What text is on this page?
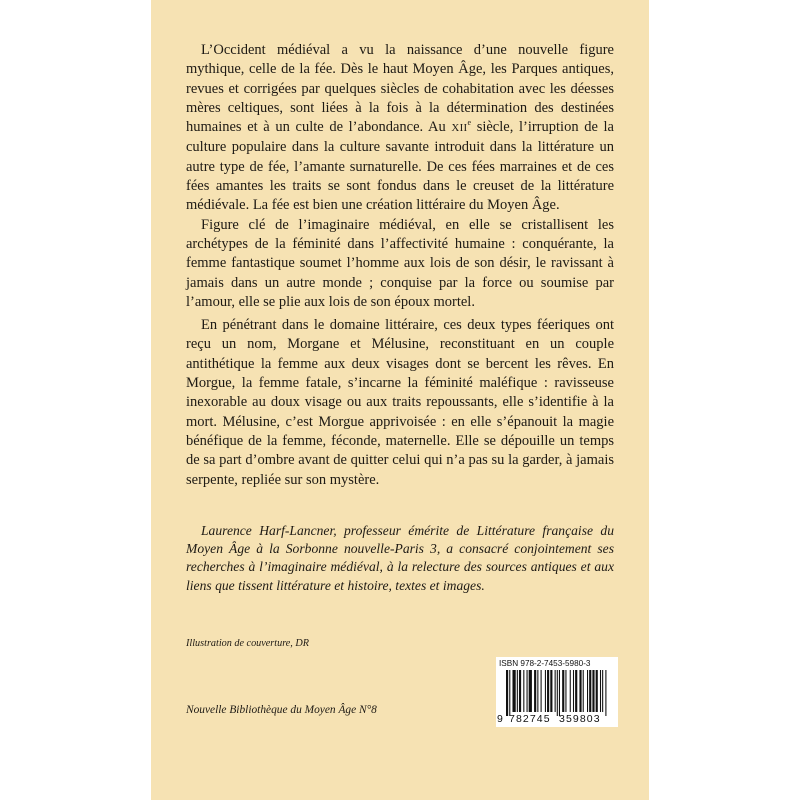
L’Occident médiéval a vu la naissance d’une nouvelle figure mythique, celle de la fée. Dès le haut Moyen Âge, les Parques antiques, revues et corrigées par quelques siècles de cohabitation avec les déesses mères celtiques, sont liées à la fois à la détermination des destinées humaines et à un culte de l’abondance. Au XIIe siècle, l’irruption de la culture populaire dans la culture savante introduit dans la littérature un autre type de fée, l’amante surnaturelle. De ces fées marraines et de ces fées amantes les traits se sont fondus dans le creuset de la littérature médiévale. La fée est bien une création littéraire du Moyen Âge.

Figure clé de l’imaginaire médiéval, en elle se cristallisent les archétypes de la féminité dans l’affectivité humaine : conquérante, la femme fantastique soumet l’homme aux lois de son désir, le ravissant à jamais dans un autre monde ; conquise par la force ou soumise par l’amour, elle se plie aux lois de son époux mortel.

En pénétrant dans le domaine littéraire, ces deux types féeriques ont reçu un nom, Morgane et Mélusine, reconstituant en un couple antithétique la femme aux deux visages dont se bercent les rêves. En Morgue, la femme fatale, s’incarne la féminité maléfique : ravisseuse inexorable au doux visage ou aux traits repoussants, elle s’identifie à la mort. Mélusine, c’est Morgue apprivoisée : en elle s’épanouit la magie bénéfique de la femme, féconde, maternelle. Elle se dépouille un temps de sa part d’ombre avant de quitter celui qui n’a pas su la garder, à jamais serpente, repliée sur son mystère.

Laurence Harf-Lancner, professeur émérite de Littérature française du Moyen Âge à la Sorbonne nouvelle-Paris 3, a consacré conjointement ses recherches à l’imaginaire médiéval, à la relecture des sources antiques et aux liens que tissent littérature et histoire, textes et images.
Illustration de couverture, DR
Nouvelle Bibliothèque du Moyen Âge N°8
ISBN 978-2-7453-5980-3
9 782745 359803
